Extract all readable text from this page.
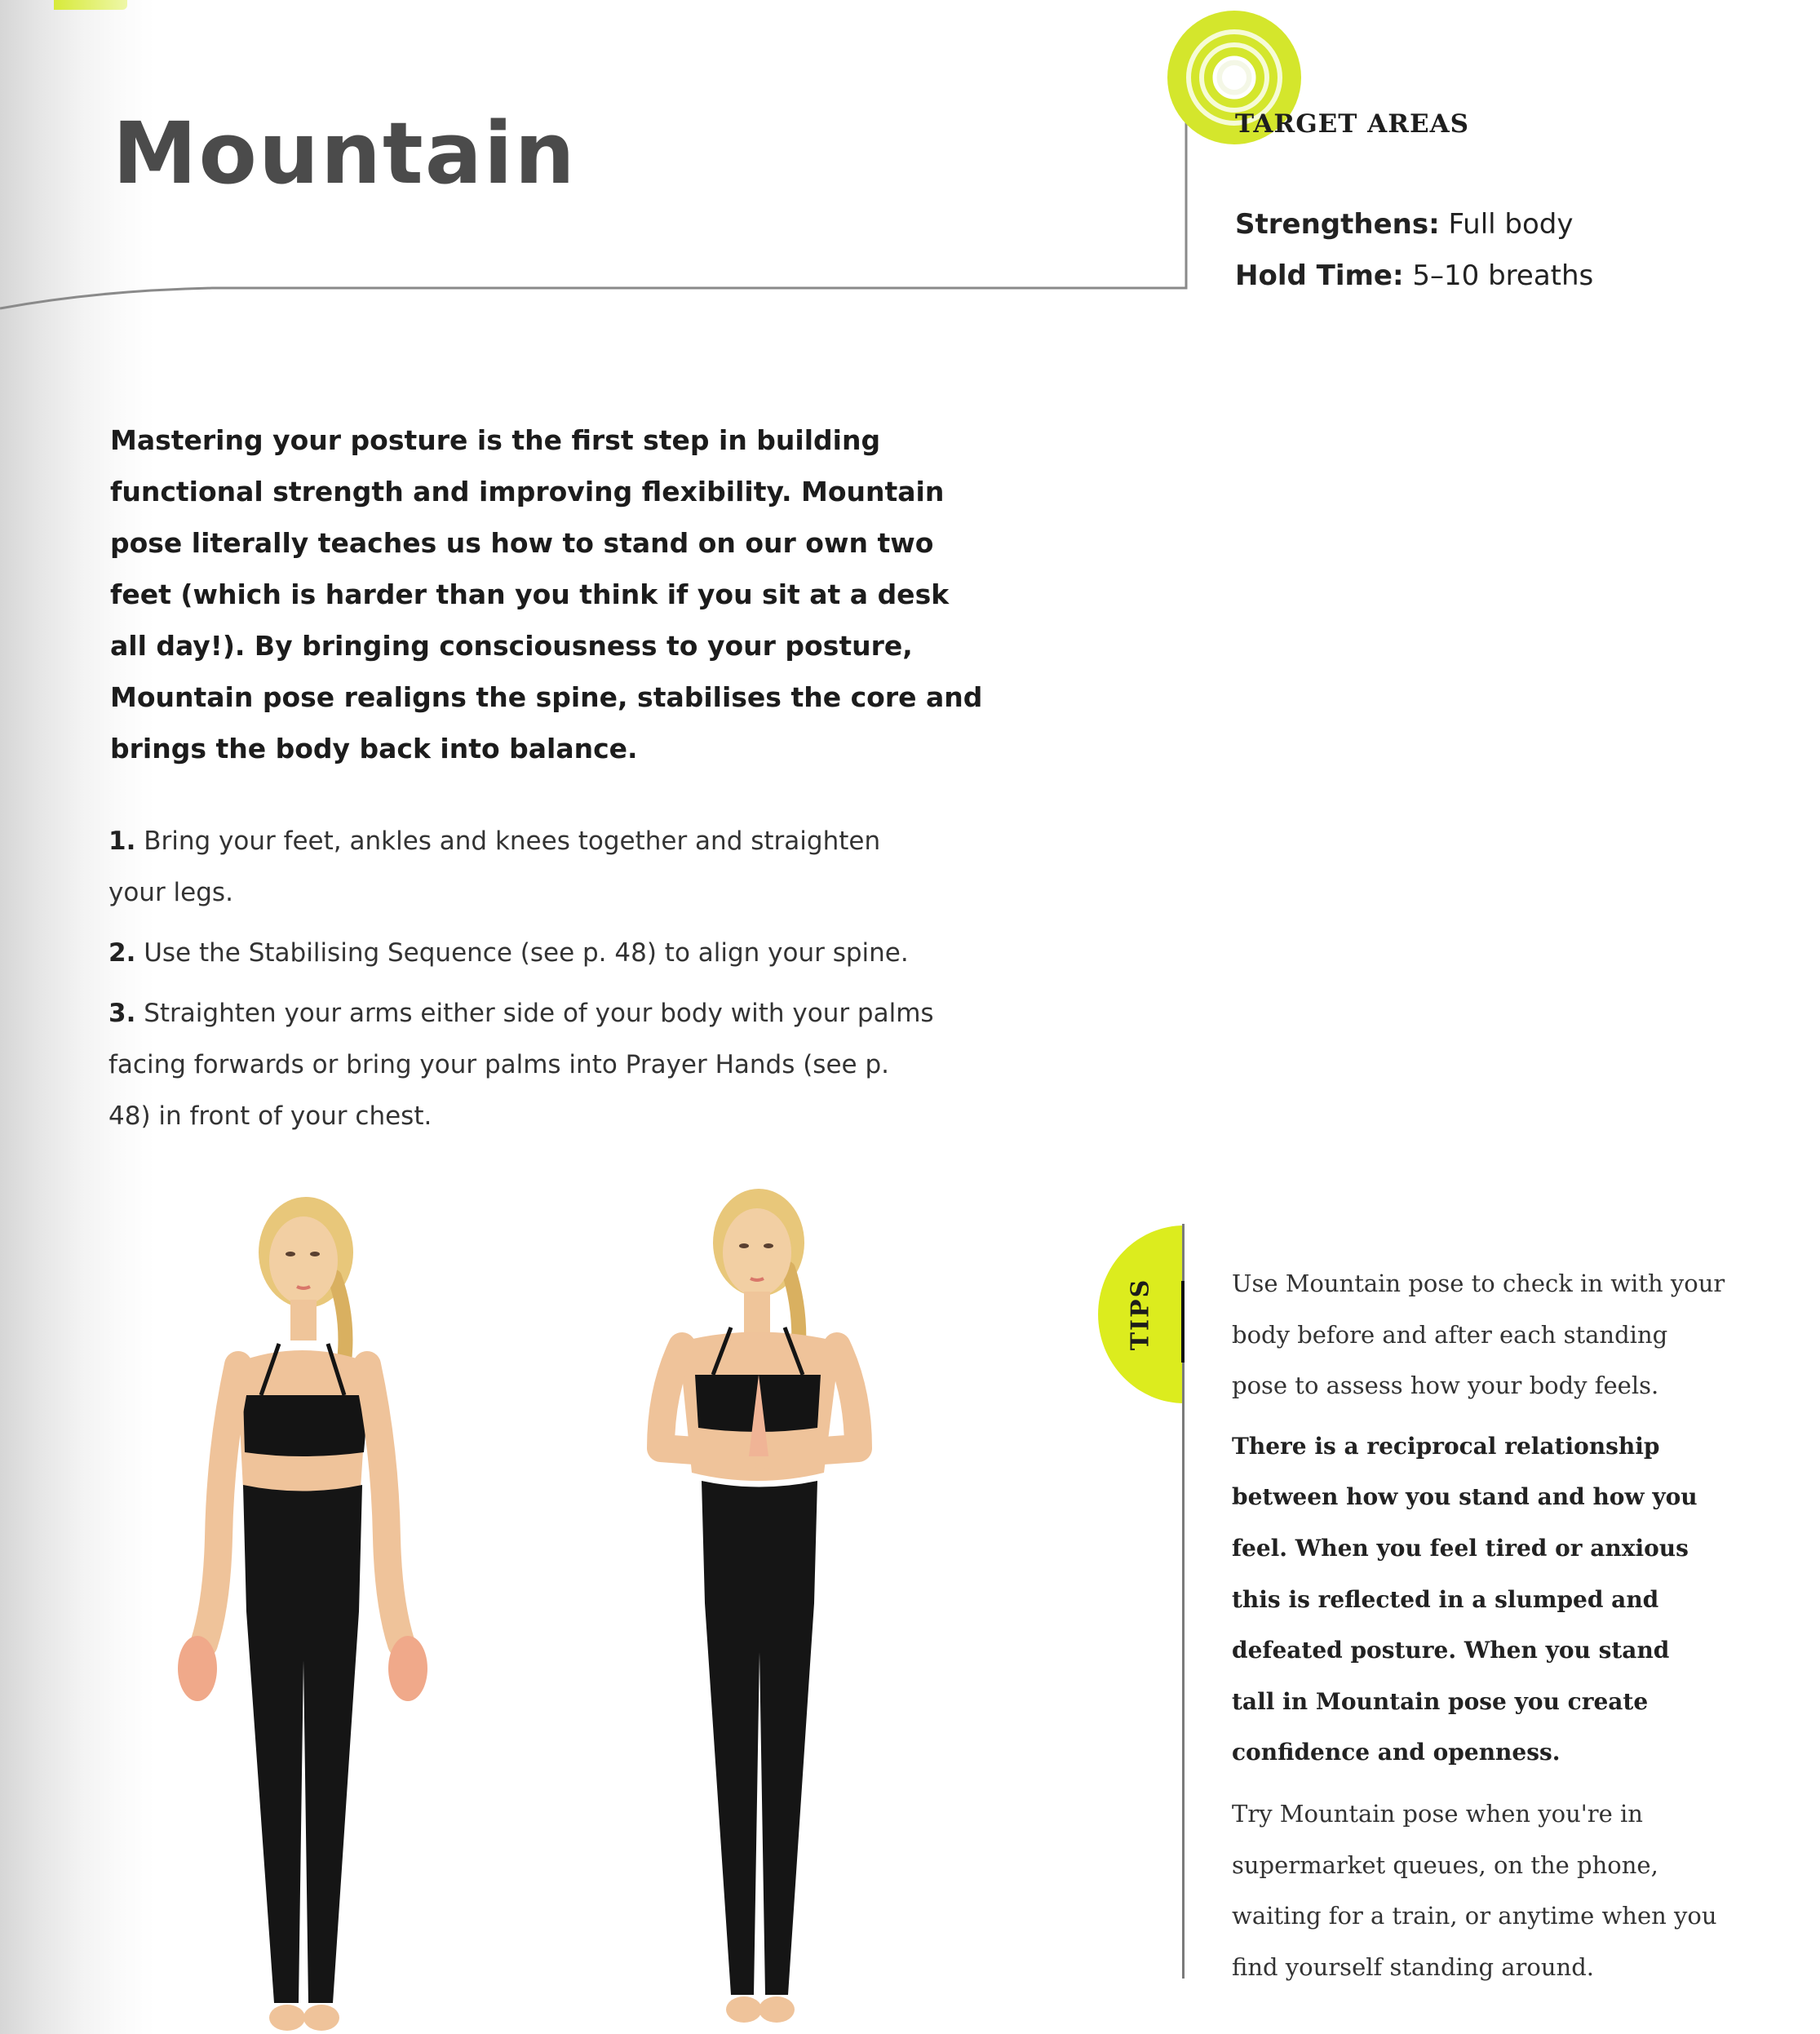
Mountain	TARGET AREAS
Strengthens: Full body
Hold Time: 5–10 breaths
Mastering your posture is the first step in building
functional strength and improving flexibility. Mountain
pose literally teaches us how to stand on our own two
feet (which is harder than you think if you sit at a desk
all day!). By bringing consciousness to your posture,
Mountain pose realigns the spine, stabilises the core and
brings the body back into balance.
1. Bring your feet, ankles and knees together and straighten
your legs.
2. Use the Stabilising Sequence (see p. 48) to align your spine.
3. Straighten your arms either side of your body with your palms
facing forwards or bring your palms into Prayer Hands (see p.
48) in front of your chest.
TIPS	Use Mountain pose to check in with your
body before and after each standing
pose to assess how your body feels.
There is a reciprocal relationship
between how you stand and how you
feel. When you feel tired or anxious
this is reflected in a slumped and
defeated posture. When you stand
tall in Mountain pose you create
confidence and openness.
Try Mountain pose when you're in
supermarket queues, on the phone,
waiting for a train, or anytime when you
find yourself standing around.
